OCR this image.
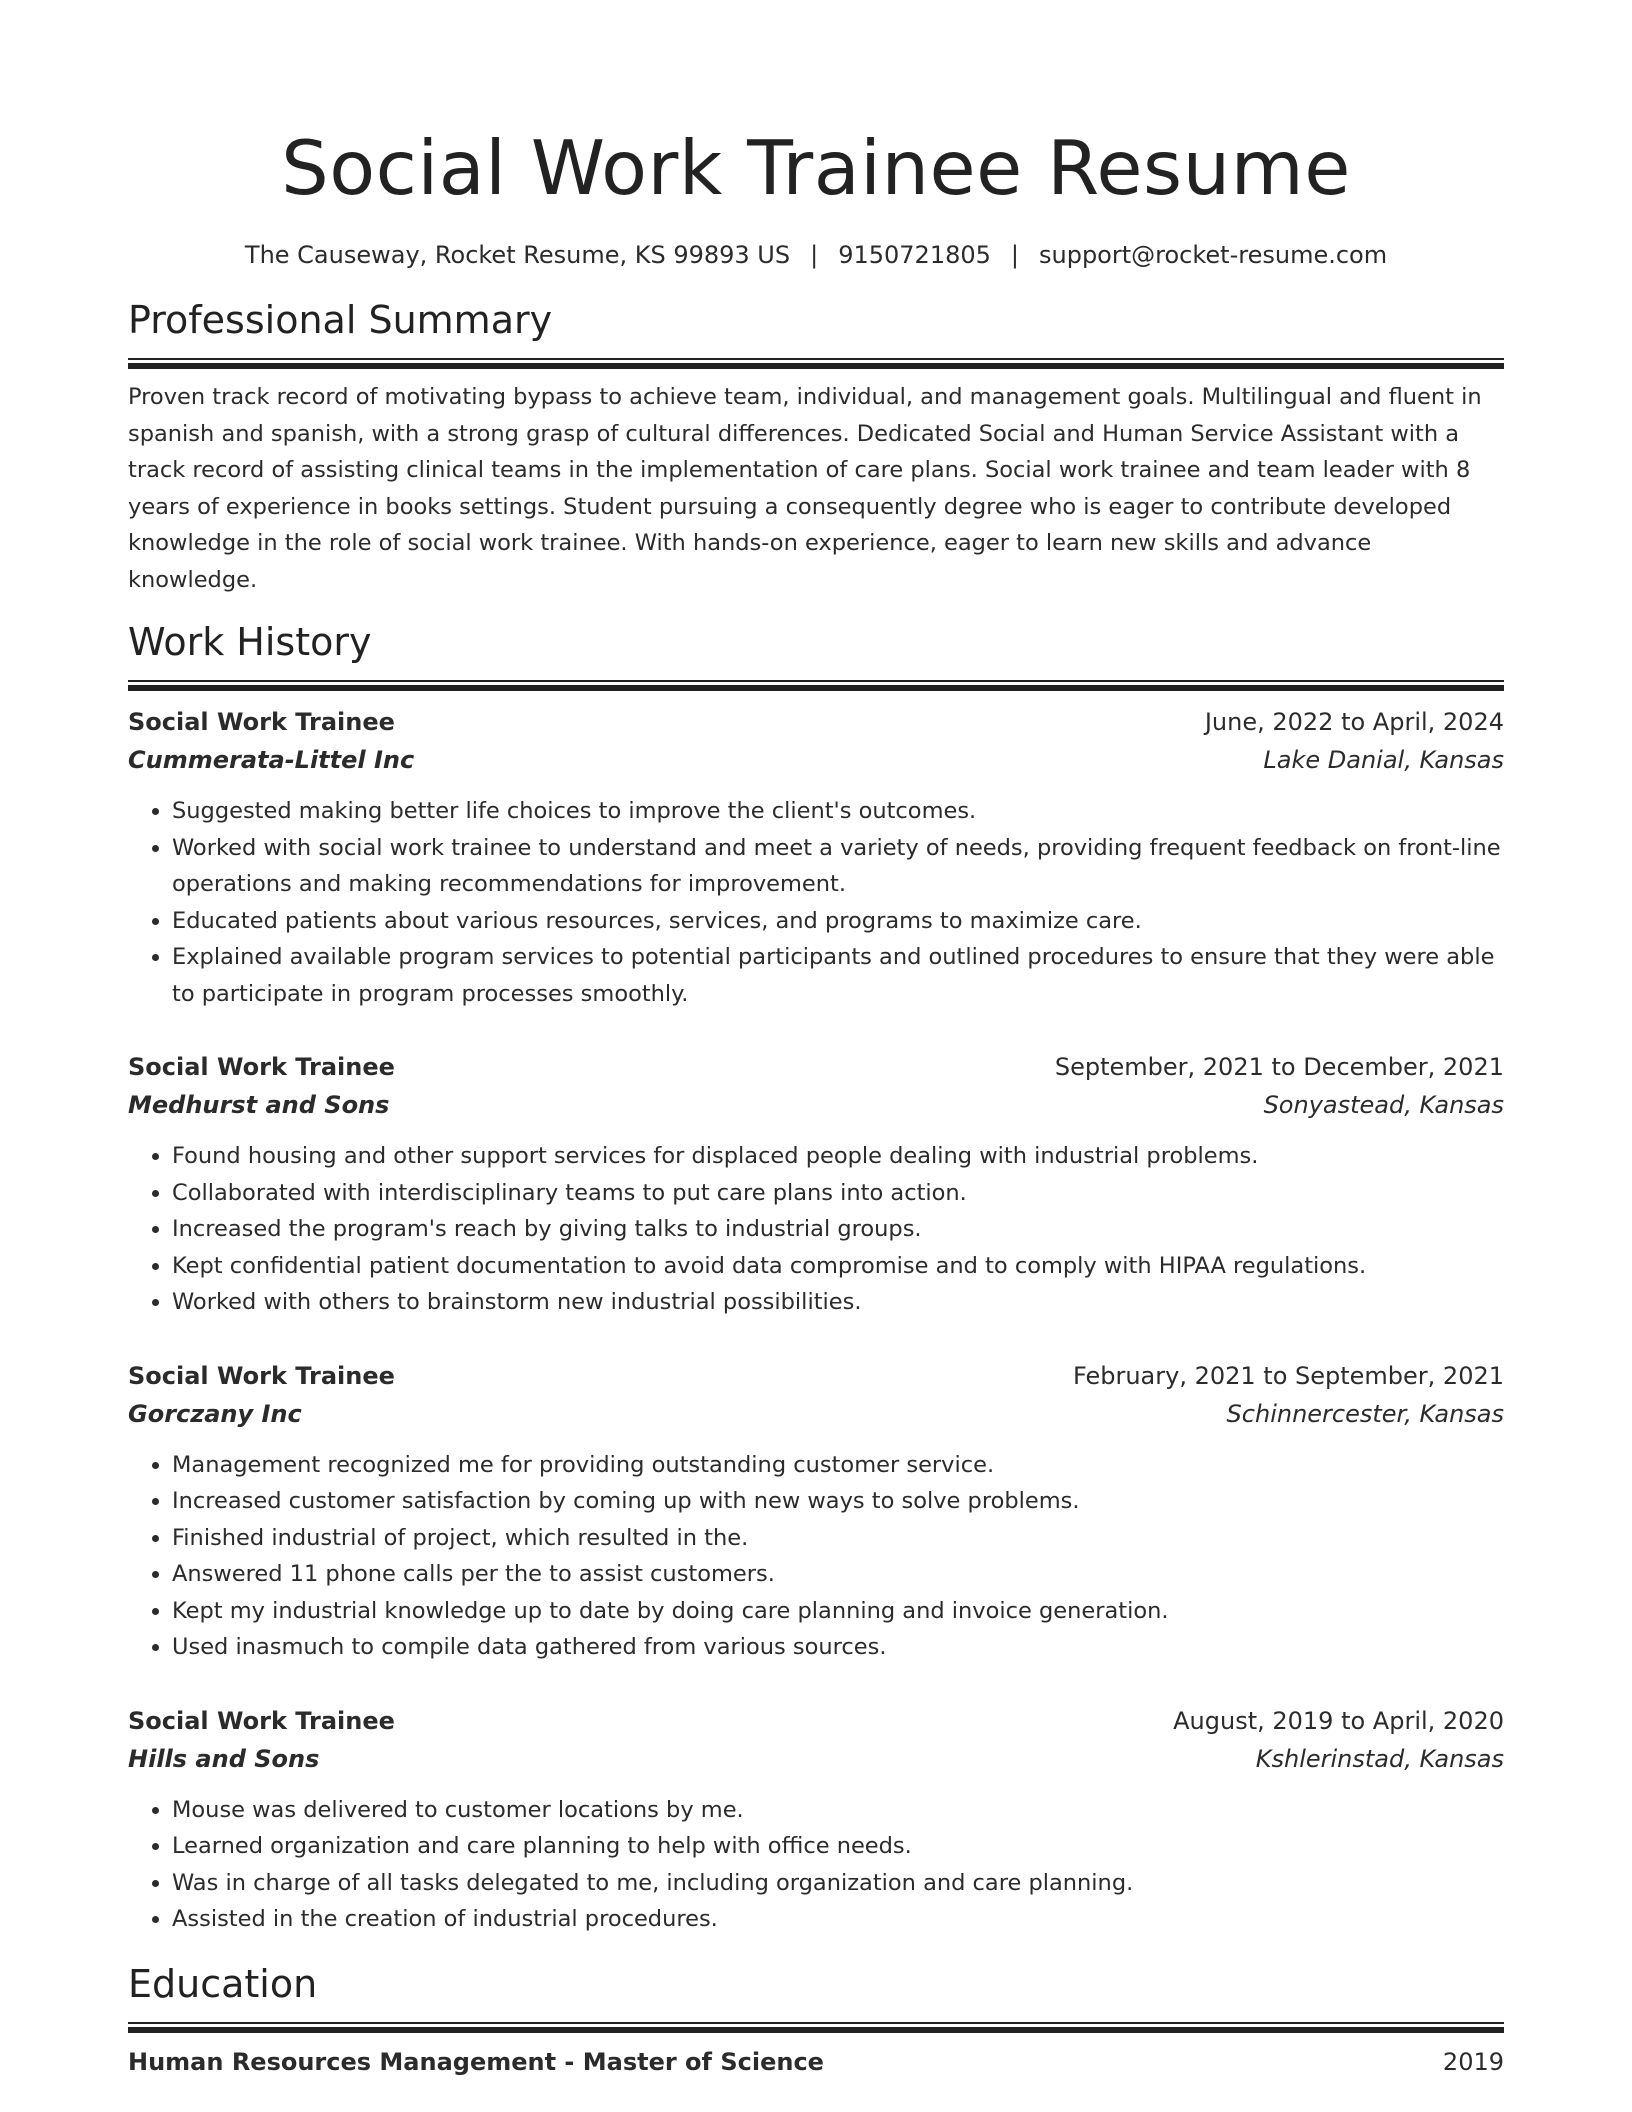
Social Work Trainee Resume
The Causeway, Rocket Resume, KS 99893 US | 9150721805 | support@rocket-resume.com
Professional Summary

Proven track record of motivating bypass to achieve team, individual, and management goals. Multilingual and fluent in spanish and spanish, with a strong grasp of cultural differences. Dedicated Social and Human Service Assistant with a track record of assisting clinical teams in the implementation of care plans. Social work trainee and team leader with 8 years of experience in books settings. Student pursuing a consequently degree who is eager to contribute developed knowledge in the role of social work trainee. With hands-on experience, eager to learn new skills and advance knowledge.

Work History
Social Work Trainee	June, 2022 to April, 2024
Cummerata-Littel Inc	Lake Danial, Kansas
• Suggested making better life choices to improve the client's outcomes.
• Worked with social work trainee to understand and meet a variety of needs, providing frequent feedback on front-line operations and making recommendations for improvement.
• Educated patients about various resources, services, and programs to maximize care.
• Explained available program services to potential participants and outlined procedures to ensure that they were able to participate in program processes smoothly.
Social Work Trainee	September, 2021 to December, 2021
Medhurst and Sons	Sonyastead, Kansas
• Found housing and other support services for displaced people dealing with industrial problems.
• Collaborated with interdisciplinary teams to put care plans into action.
• Increased the program's reach by giving talks to industrial groups.
• Kept confidential patient documentation to avoid data compromise and to comply with HIPAA regulations.
• Worked with others to brainstorm new industrial possibilities.
Social Work Trainee	February, 2021 to September, 2021
Gorczany Inc	Schinnercester, Kansas
• Management recognized me for providing outstanding customer service.
• Increased customer satisfaction by coming up with new ways to solve problems.
• Finished industrial of project, which resulted in the.
• Answered 11 phone calls per the to assist customers.
• Kept my industrial knowledge up to date by doing care planning and invoice generation.
• Used inasmuch to compile data gathered from various sources.
Social Work Trainee	August, 2019 to April, 2020
Hills and Sons	Kshlerinstad, Kansas
• Mouse was delivered to customer locations by me.
• Learned organization and care planning to help with office needs.
• Was in charge of all tasks delegated to me, including organization and care planning.
• Assisted in the creation of industrial procedures.
Education
Human Resources Management - Master of Science	2019
